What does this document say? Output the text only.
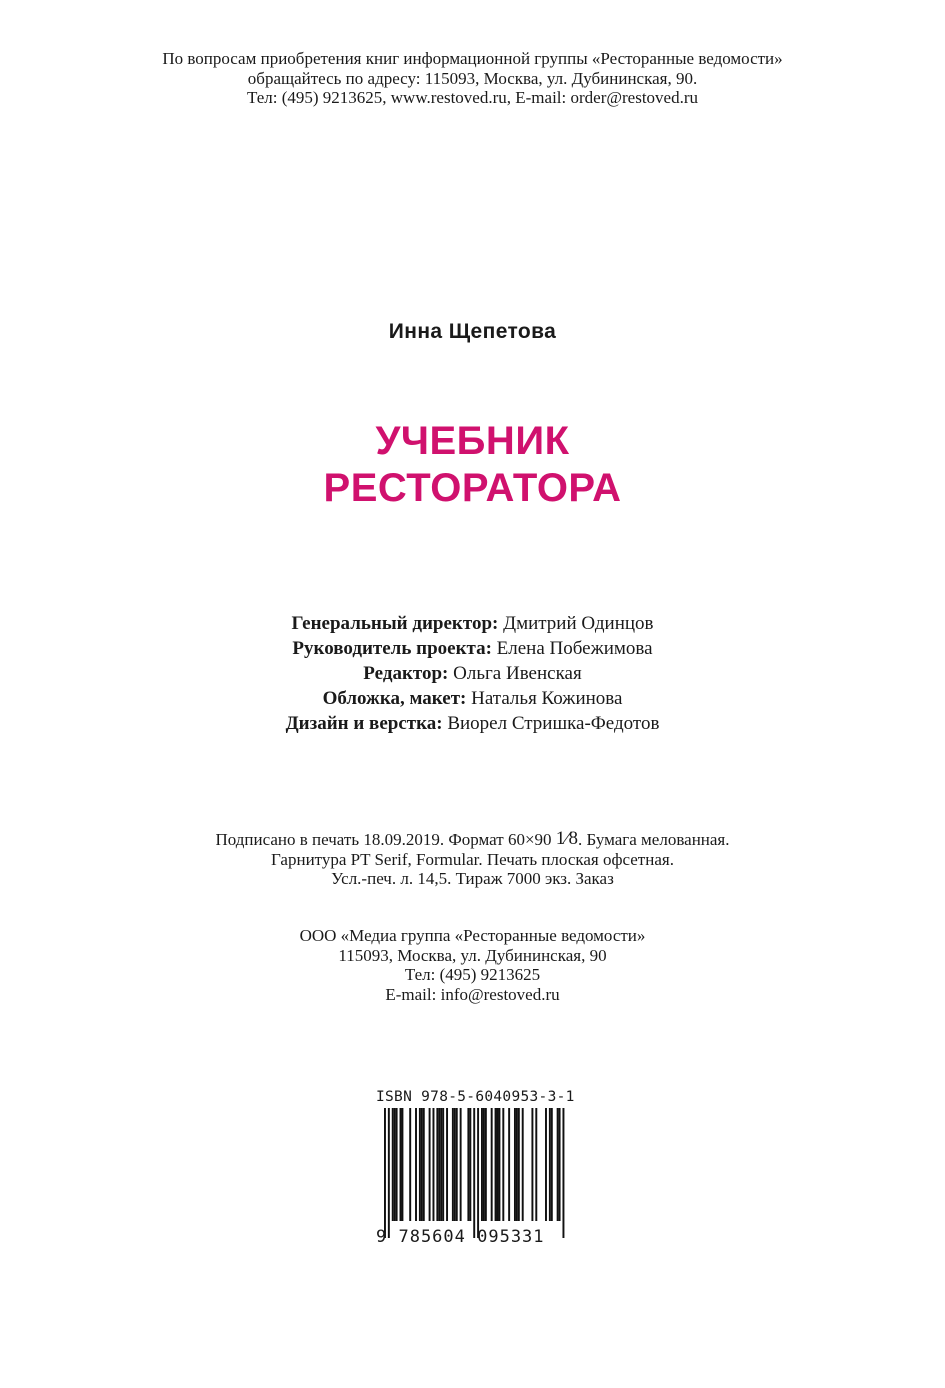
По вопросам приобретения книг информационной группы «Ресторанные ведомости»
обращайтесь по адресу: 115093, Москва, ул. Дубининская, 90.
Тел: (495) 9213625, www.restoved.ru, E-mail: order@restoved.ru
Инна Щепетова
УЧЕБНИК
РЕСТОРАТОРА
Генеральный директор: Дмитрий Одинцов
Руководитель проекта: Елена Побежимова
Редактор: Ольга Ивенская
Обложка, макет: Наталья Кожинова
Дизайн и верстка: Виорел Стришка-Федотов
Подписано в печать 18.09.2019. Формат 60×90 1⁄8. Бумага мелованная.
Гарнитура PT Serif, Formular. Печать плоская офсетная.
Усл.-печ. л. 14,5. Тираж 7000 экз. Заказ
ООО «Медиа группа «Ресторанные ведомости»
115093, Москва, ул. Дубининская, 90
Тел: (495) 9213625
E-mail: info@restoved.ru
ISBN 978-5-6040953-3-1
9 785604 095331
